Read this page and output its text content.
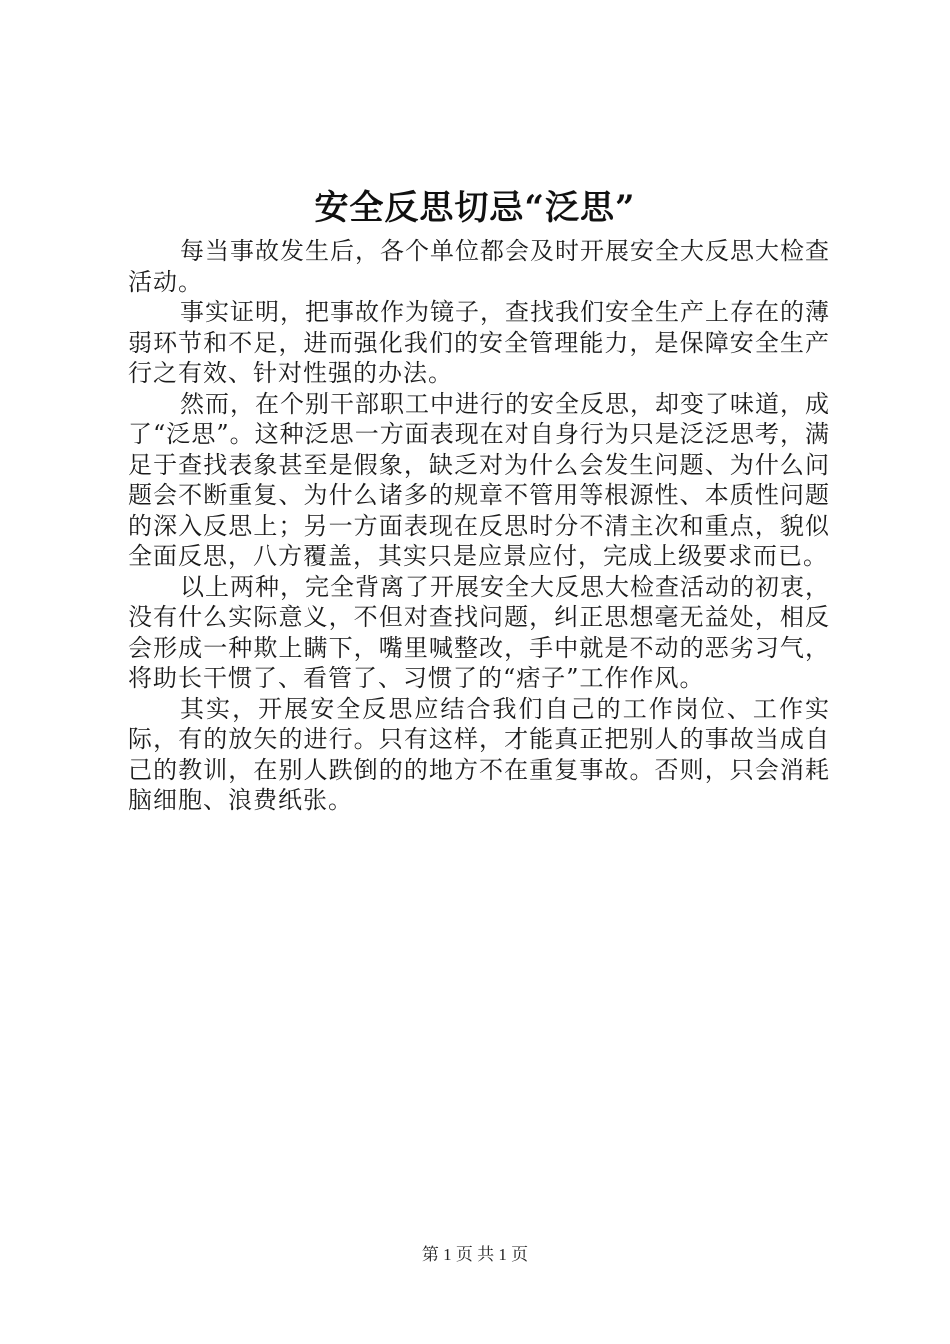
安全反思切忌“泛思”

每当事故发生后，各个单位都会及时开展安全大反思大检查活动。

事实证明，把事故作为镜子，查找我们安全生产上存在的薄弱环节和不足，进而强化我们的安全管理能力，是保障安全生产行之有效、针对性强的办法。

然而，在个别干部职工中进行的安全反思，却变了味道，成了“泛思”。这种泛思一方面表现在对自身行为只是泛泛思考，满足于查找表象甚至是假象，缺乏对为什么会发生问题、为什么问题会不断重复、为什么诸多的规章不管用等根源性、本质性问题的深入反思上；另一方面表现在反思时分不清主次和重点，貌似全面反思，八方覆盖，其实只是应景应付，完成上级要求而已。

以上两种，完全背离了开展安全大反思大检查活动的初衷，没有什么实际意义，不但对查找问题，纠正思想毫无益处，相反会形成一种欺上瞒下，嘴里喊整改，手中就是不动的恶劣习气，将助长干惯了、看管了、习惯了的“痞子”工作作风。

其实，开展安全反思应结合我们自己的工作岗位、工作实际，有的放矢的进行。只有这样，才能真正把别人的事故当成自己的教训，在别人跌倒的的地方不在重复事故。否则，只会消耗脑细胞、浪费纸张。

第 1 页 共 1 页
